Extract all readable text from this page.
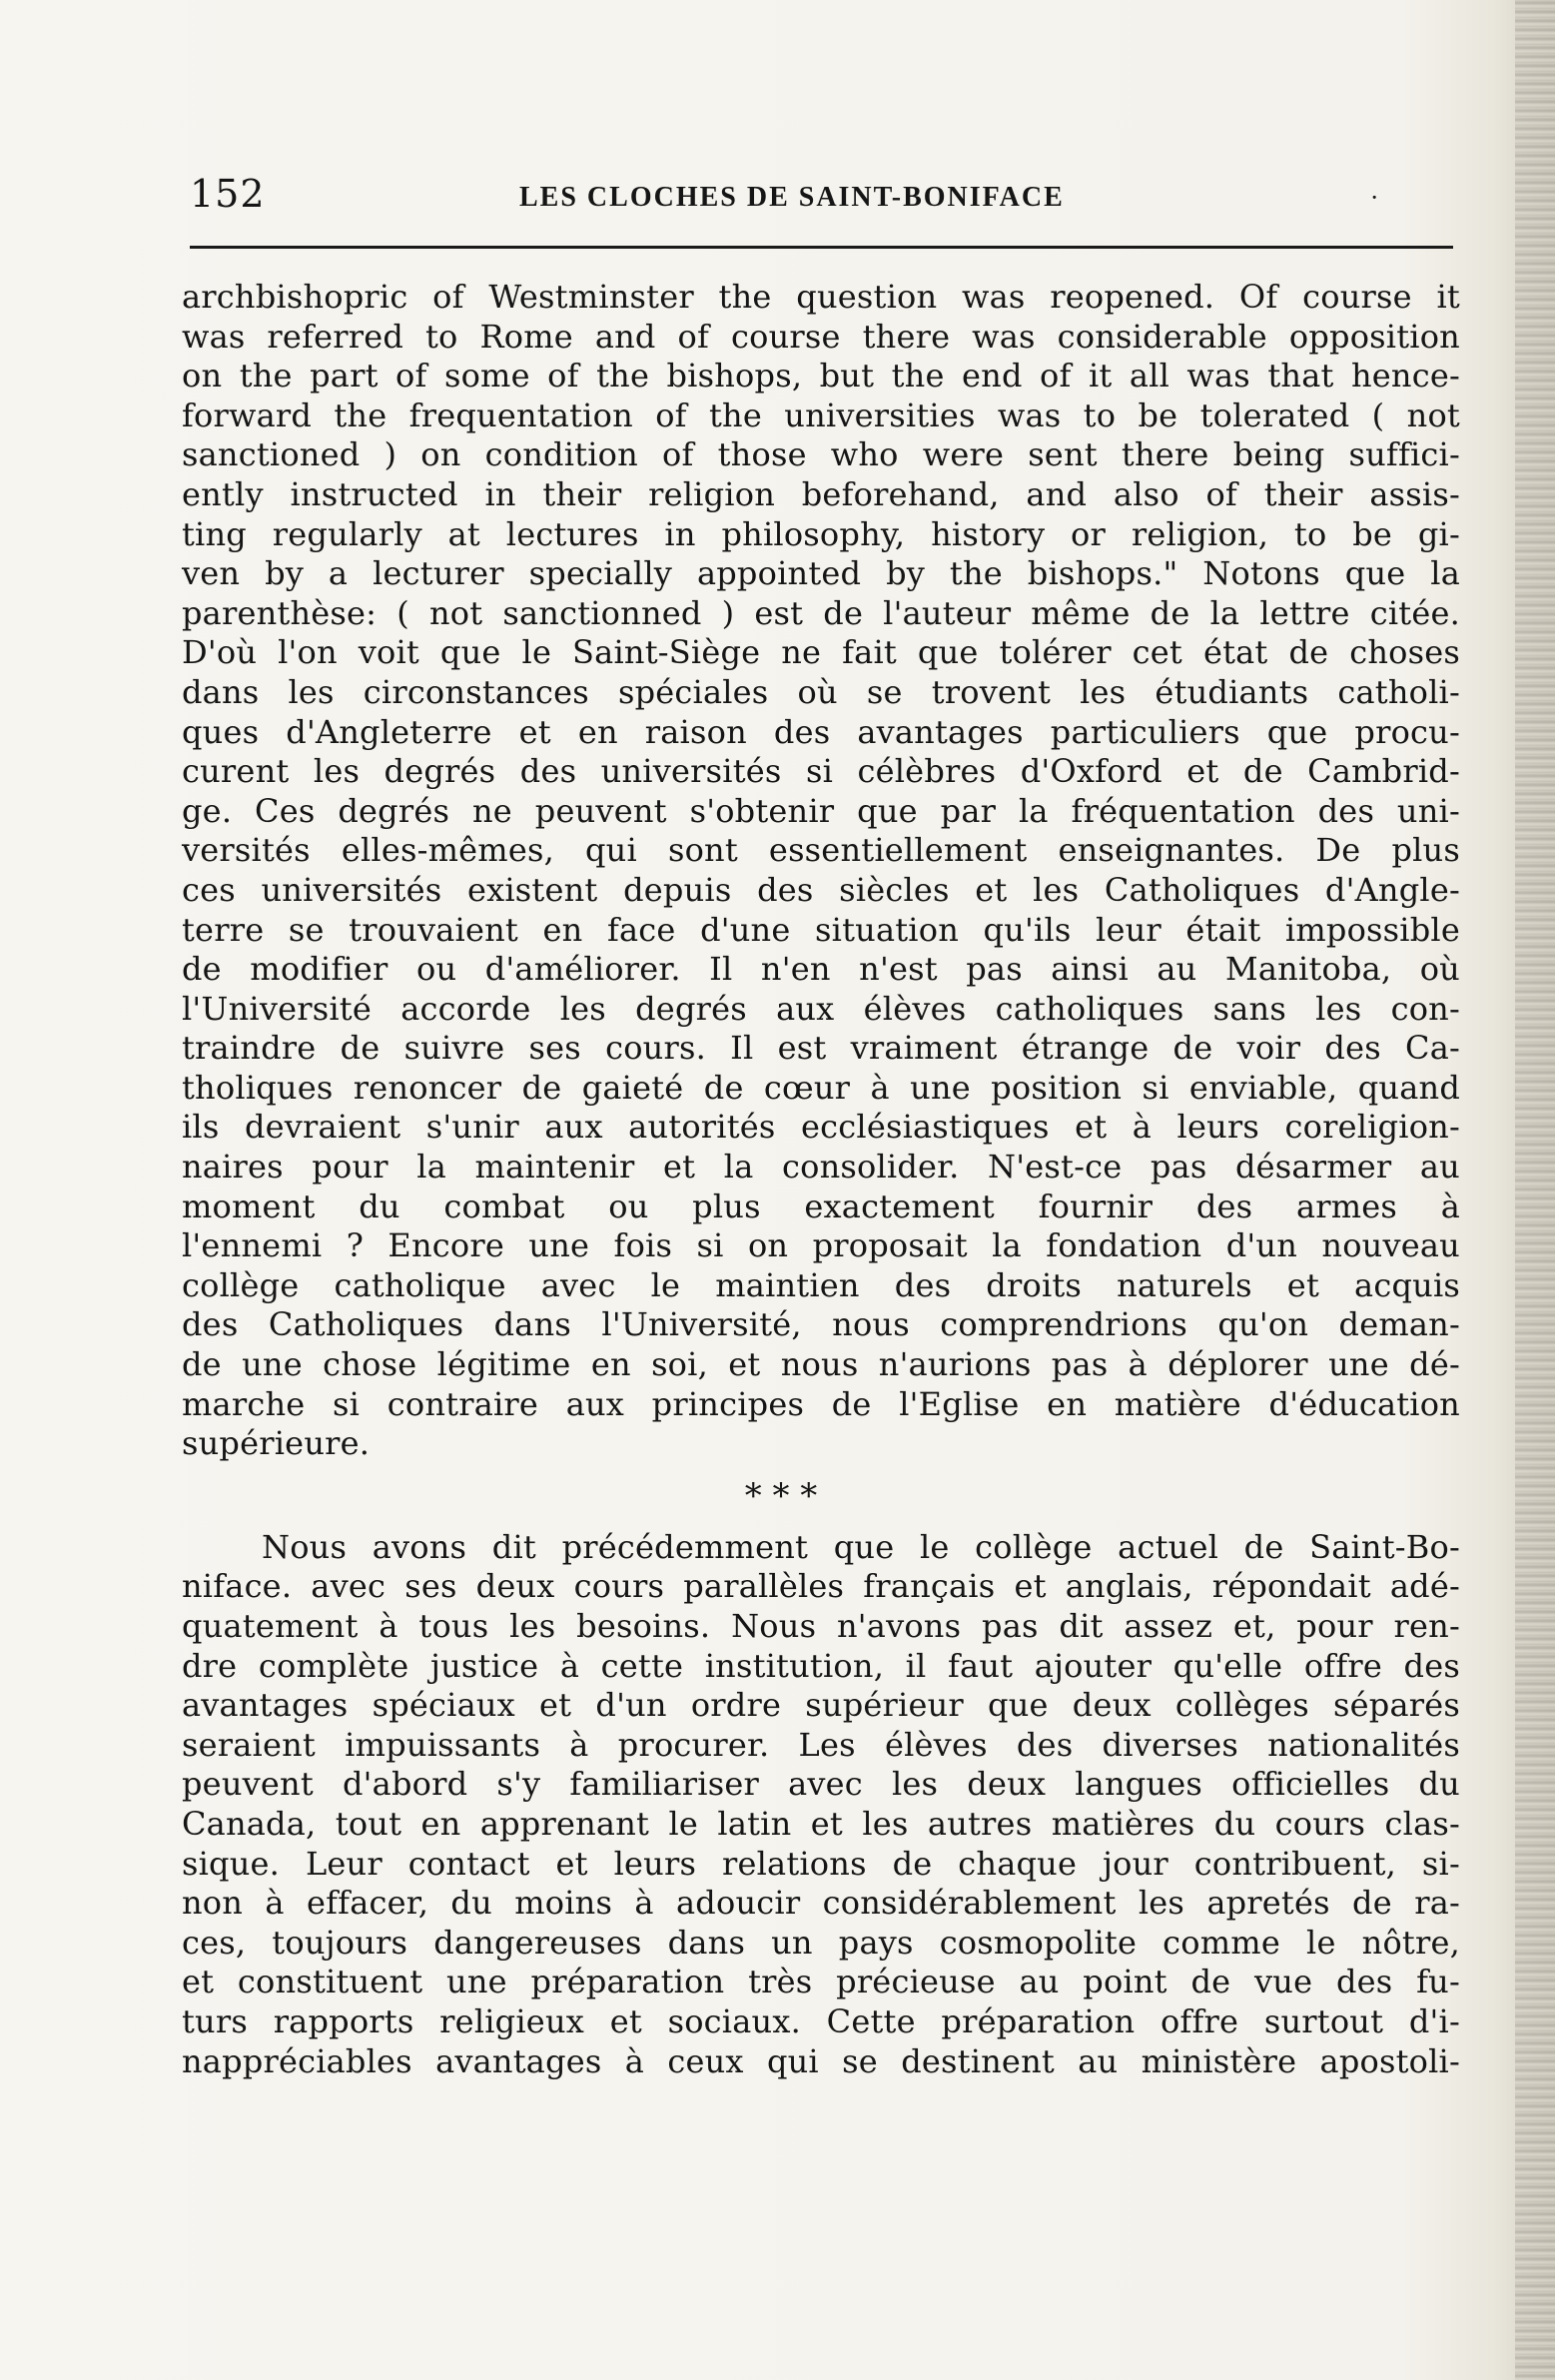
152	LES CLOCHES DE SAINT-BONIFACE	·
archbishopric of Westminster the question was reopened. Of course it
was referred to Rome and of course there was considerable opposition
on the part of some of the bishops, but the end of it all was that hence-
forward the frequentation of the universities was to be tolerated ( not
sanctioned ) on condition of those who were sent there being suffici-
ently instructed in their religion beforehand, and also of their assis-
ting regularly at lectures in philosophy, history or religion, to be gi-
ven by a lecturer specially appointed by the bishops." Notons que la
parenthèse: ( not sanctionned ) est de l'auteur même de la lettre citée.
D'où l'on voit que le Saint-Siège ne fait que tolérer cet état de choses
dans les circonstances spéciales où se trovent les étudiants catholi-
ques d'Angleterre et en raison des avantages particuliers que procu-
curent les degrés des universités si célèbres d'Oxford et de Cambrid-
ge. Ces degrés ne peuvent s'obtenir que par la fréquentation des uni-
versités elles-mêmes, qui sont essentiellement enseignantes. De plus
ces universités existent depuis des siècles et les Catholiques d'Angle-
terre se trouvaient en face d'une situation qu'ils leur était impossible
de modifier ou d'améliorer. Il n'en n'est pas ainsi au Manitoba, où
l'Université accorde les degrés aux élèves catholiques sans les con-
traindre de suivre ses cours. Il est vraiment étrange de voir des Ca-
tholiques renoncer de gaieté de cœur à une position si enviable, quand
ils devraient s'unir aux autorités ecclésiastiques et à leurs coreligion-
naires pour la maintenir et la consolider. N'est-ce pas désarmer au
moment du combat ou plus exactement fournir des armes à
l'ennemi ? Encore une fois si on proposait la fondation d'un nouveau
collège catholique avec le maintien des droits naturels et acquis
des Catholiques dans l'Université, nous comprendrions qu'on deman-
de une chose légitime en soi, et nous n'aurions pas à déplorer une dé-
marche si contraire aux principes de l'Eglise en matière d'éducation
supérieure.
* * *
Nous avons dit précédemment que le collège actuel de Saint-Bo-
niface. avec ses deux cours parallèles français et anglais, répondait adé-
quatement à tous les besoins. Nous n'avons pas dit assez et, pour ren-
dre complète justice à cette institution, il faut ajouter qu'elle offre des
avantages spéciaux et d'un ordre supérieur que deux collèges séparés
seraient impuissants à procurer. Les élèves des diverses nationalités
peuvent d'abord s'y familiariser avec les deux langues officielles du
Canada, tout en apprenant le latin et les autres matières du cours clas-
sique. Leur contact et leurs relations de chaque jour contribuent, si-
non à effacer, du moins à adoucir considérablement les apretés de ra-
ces, toujours dangereuses dans un pays cosmopolite comme le nôtre,
et constituent une préparation très précieuse au point de vue des fu-
turs rapports religieux et sociaux. Cette préparation offre surtout d'i-
nappréciables avantages à ceux qui se destinent au ministère apostoli-
